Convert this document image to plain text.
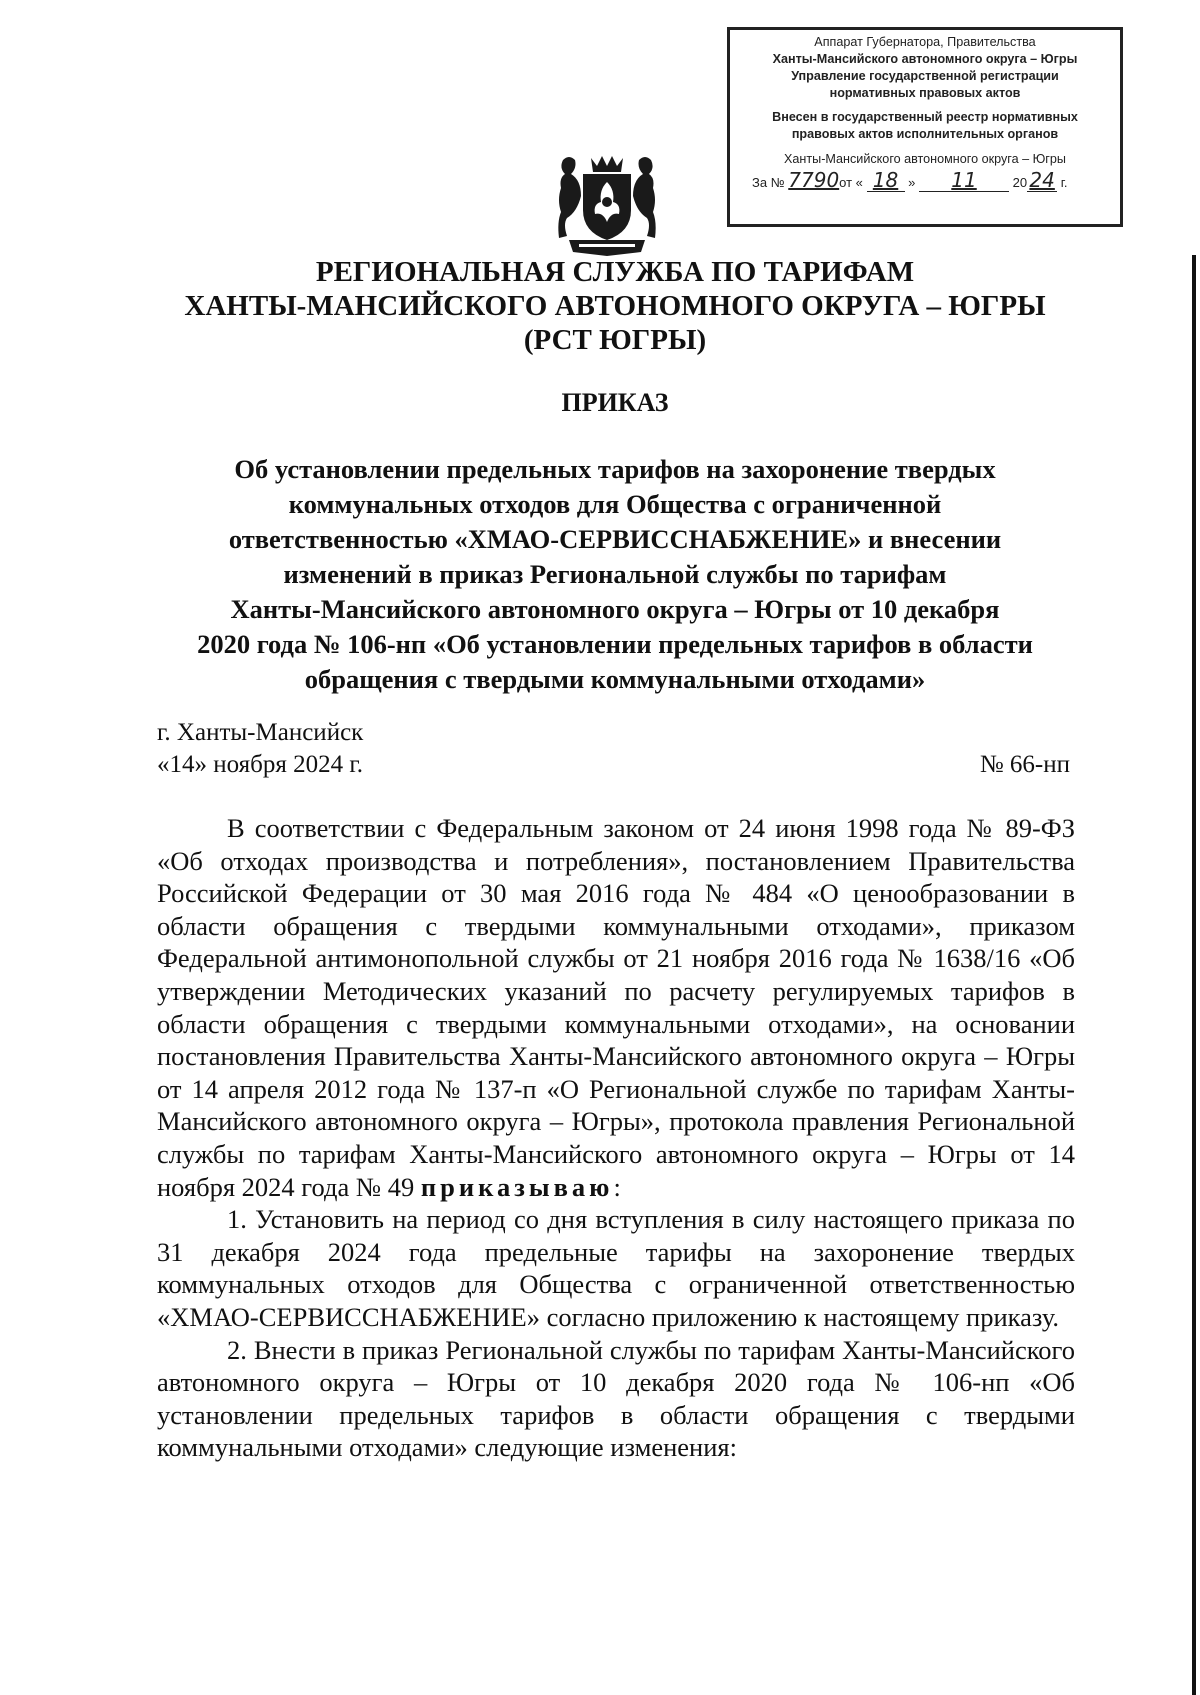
Аппарат Губернатора, Правительства
Ханты-Мансийского автономного округа – Югры
Управление государственной регистрации
нормативных правовых актов
Внесен в государственный реестр нормативных
правовых актов исполнительных органов
Ханты-Мансийского автономного округа – Югры
За № 7790от « 18 » 11	20 24 г.
РЕГИОНАЛЬНАЯ СЛУЖБА ПО ТАРИФАМ
ХАНТЫ-МАНСИЙСКОГО АВТОНОМНОГО ОКРУГА – ЮГРЫ
(РСТ ЮГРЫ)
ПРИКАЗ
Об установлении предельных тарифов на захоронение твердых
коммунальных отходов для Общества с ограниченной
ответственностью «ХМАО-СЕРВИССНАБЖЕНИЕ» и внесении
изменений в приказ Региональной службы по тарифам
Ханты-Мансийского автономного округа – Югры от 10 декабря
2020 года № 106-нп «Об установлении предельных тарифов в области
обращения с твердыми коммунальными отходами»
г. Ханты-Мансийск
«14» ноября 2024 г.	№ 66-нп

В соответствии с Федеральным законом от 24 июня 1998 года № 89-ФЗ «Об отходах производства и потребления», постановлением Правительства Российской Федерации от 30 мая 2016 года № 484 «О ценообразовании в области обращения с твердыми коммунальными отходами», приказом Федеральной антимонопольной службы от 21 ноября 2016 года № 1638/16 «Об утверждении Методических указаний по расчету регулируемых тарифов в области обращения с твердыми коммунальными отходами», на основании постановления Правительства Ханты-Мансийского автономного округа – Югры от 14 апреля 2012 года № 137-п «О Региональной службе по тарифам Ханты-Мансийского автономного округа – Югры», протокола правления Региональной службы по тарифам Ханты-Мансийского автономного округа – Югры от 14 ноября 2024 года № 49 приказываю:

1. Установить на период со дня вступления в силу настоящего приказа по 31 декабря 2024 года предельные тарифы на захоронение твердых коммунальных отходов для Общества с ограниченной ответственностью «ХМАО-СЕРВИССНАБЖЕНИЕ» согласно приложению к настоящему приказу.

2. Внести в приказ Региональной службы по тарифам Ханты-Мансийского автономного округа – Югры от 10 декабря 2020 года № 106-нп «Об установлении предельных тарифов в области обращения с твердыми коммунальными отходами» следующие изменения:
